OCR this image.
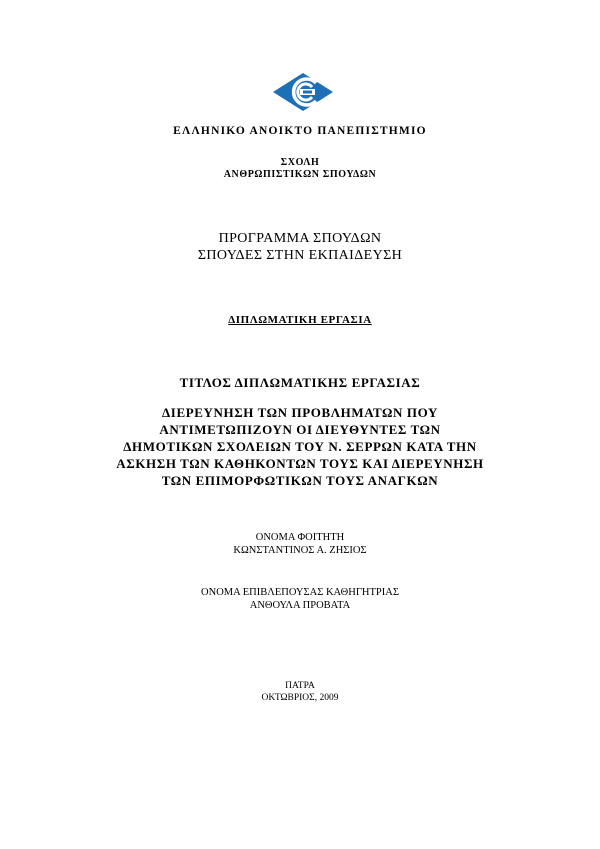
ΕΛΛΗΝΙΚΟ ΑΝΟΙΚΤΟ ΠΑΝΕΠΙΣΤΗΜΙΟ
ΣΧΟΛΗ
ΑΝΘΡΩΠΙΣΤΙΚΩΝ ΣΠΟΥΔΩΝ
ΠΡΟΓΡΑΜΜΑ ΣΠΟΥΔΩΝ
ΣΠΟΥΔΕΣ ΣΤΗΝ ΕΚΠΑΙΔΕΥΣΗ
ΔΙΠΛΩΜΑΤΙΚΗ ΕΡΓΑΣΙΑ
ΤΙΤΛΟΣ ΔΙΠΛΩΜΑΤΙΚΗΣ ΕΡΓΑΣΙΑΣ
ΔΙΕΡΕΥΝΗΣΗ ΤΩΝ ΠΡΟΒΛΗΜΑΤΩΝ ΠΟΥ
ΑΝΤΙΜΕΤΩΠΙΖΟΥΝ ΟΙ ΔΙΕΥΘΥΝΤΕΣ ΤΩΝ
ΔΗΜΟΤΙΚΩΝ ΣΧΟΛΕΙΩΝ ΤΟΥ Ν. ΣΕΡΡΩΝ ΚΑΤΑ ΤΗΝ
ΑΣΚΗΣΗ ΤΩΝ ΚΑΘΗΚΟΝΤΩΝ ΤΟΥΣ ΚΑΙ ΔΙΕΡΕΥΝΗΣΗ
ΤΩΝ ΕΠΙΜΟΡΦΩΤΙΚΩΝ ΤΟΥΣ ΑΝΑΓΚΩΝ
ΟΝΟΜΑ ΦΟΙΤΗΤΗ
ΚΩΝΣΤΑΝΤΙΝΟΣ Α. ΖΗΣΙΟΣ
ΟΝΟΜΑ ΕΠΙΒΛΕΠΟΥΣΑΣ ΚΑΘΗΓΗΤΡΙΑΣ
ΑΝΘΟΥΛΑ ΠΡΟΒΑΤΑ
ΠΑΤΡΑ
ΟΚΤΩΒΡΙΟΣ, 2009
